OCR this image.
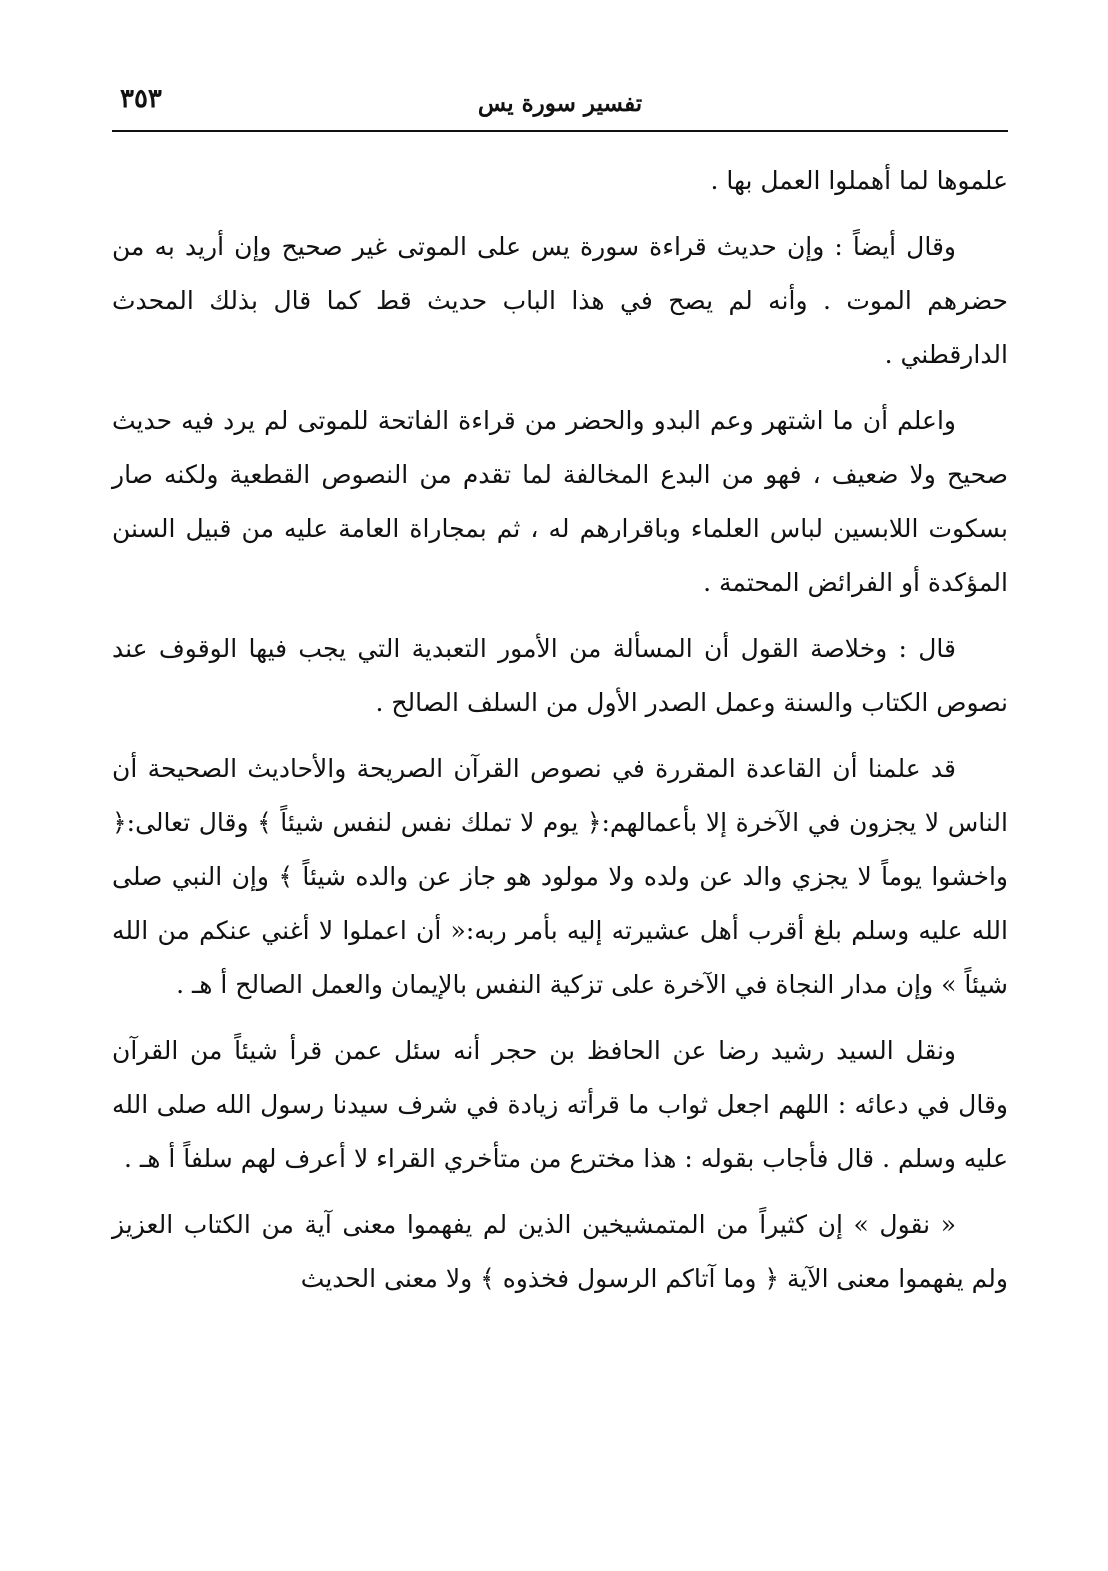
تفسير سورة يس
٣٥٣

علموها لما أهملوا العمل بها .

وقال أيضاً : وإن حديث قراءة سورة يس على الموتى غير صحيح وإن أريد به من حضرهم الموت . وأنه لم يصح في هذا الباب حديث قط كما قال بذلك المحدث الدارقطني .

واعلم أن ما اشتهر وعم البدو والحضر من قراءة الفاتحة للموتى لم يرد فيه حديث صحيح ولا ضعيف ، فهو من البدع المخالفة لما تقدم من النصوص القطعية ولكنه صار بسكوت اللابسين لباس العلماء وباقرارهم له ، ثم بمجاراة العامة عليه من قبيل السنن المؤكدة أو الفرائض المحتمة .

قال : وخلاصة القول أن المسألة من الأمور التعبدية التي يجب فيها الوقوف عند نصوص الكتاب والسنة وعمل الصدر الأول من السلف الصالح .

قد علمنا أن القاعدة المقررة في نصوص القرآن الصريحة والأحاديث الصحيحة أن الناس لا يجزون في الآخرة إلا بأعمالهم:﴿ يوم لا تملك نفس لنفس شيئاً ﴾ وقال تعالى:﴿ واخشوا يوماً لا يجزي والد عن ولده ولا مولود هو جاز عن والده شيئاً ﴾ وإن النبي صلى الله عليه وسلم بلغ أقرب أهل عشيرته إليه بأمر ربه:« أن اعملوا لا أغني عنكم من الله شيئاً » وإن مدار النجاة في الآخرة على تزكية النفس بالإيمان والعمل الصالح أ هـ .

ونقل السيد رشيد رضا عن الحافظ بن حجر أنه سئل عمن قرأ شيئاً من القرآن وقال في دعائه : اللهم اجعل ثواب ما قرأته زيادة في شرف سيدنا رسول الله صلى الله عليه وسلم . قال فأجاب بقوله : هذا مخترع من متأخري القراء لا أعرف لهم سلفاً أ هـ .

« نقول » إن كثيراً من المتمشيخين الذين لم يفهموا معنى آية من الكتاب العزيز ولم يفهموا معنى الآية ﴿ وما آتاكم الرسول فخذوه ﴾ ولا معنى الحديث
